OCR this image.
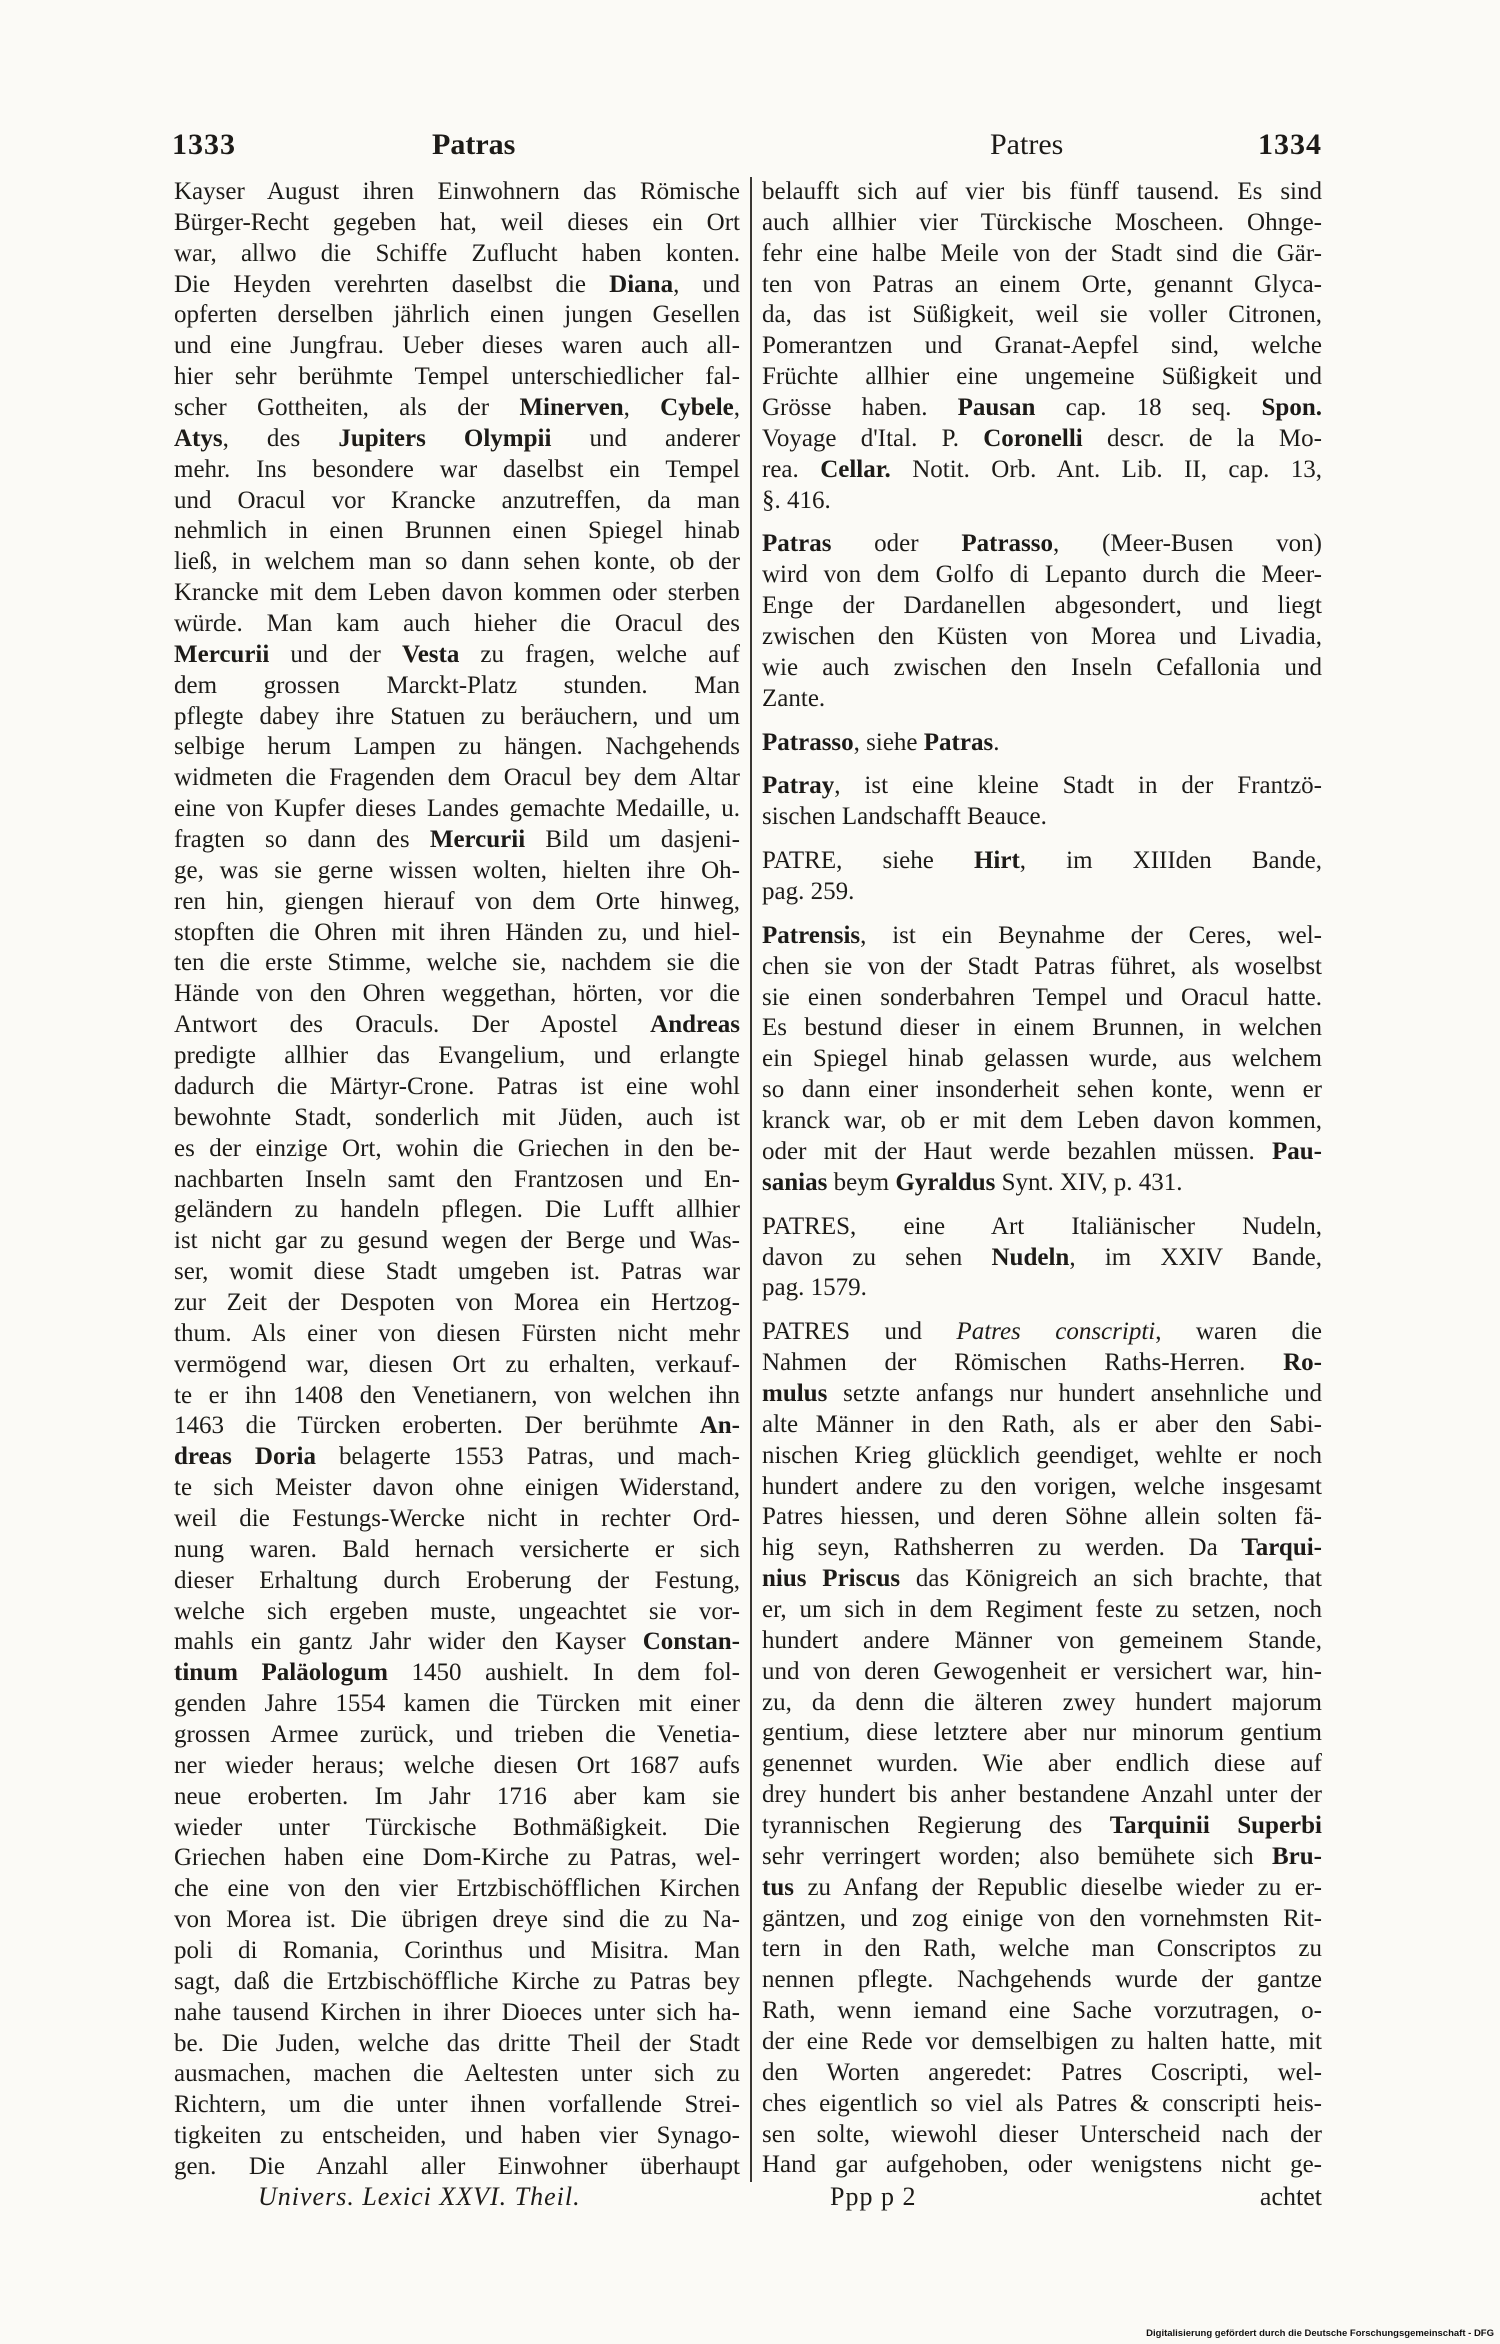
1333	Patras	Patres	1334
Kayser August ihren Einwohnern das Römische
Bürger-Recht gegeben hat, weil dieses ein Ort
war, allwo die Schiffe Zuflucht haben konten.
Die Heyden verehrten daselbst die Diana, und
opferten derselben jährlich einen jungen Gesellen
und eine Jungfrau. Ueber dieses waren auch all-
hier sehr berühmte Tempel unterschiedlicher fal-
scher Gottheiten, als der Minerven, Cybele,
Atys, des Jupiters Olympii und anderer
mehr. Ins besondere war daselbst ein Tempel
und Oracul vor Krancke anzutreffen, da man
nehmlich in einen Brunnen einen Spiegel hinab
ließ, in welchem man so dann sehen konte, ob der
Krancke mit dem Leben davon kommen oder sterben
würde. Man kam auch hieher die Oracul des
Mercurii und der Vesta zu fragen, welche auf
dem grossen Marckt-Platz stunden. Man
pflegte dabey ihre Statuen zu beräuchern, und um
selbige herum Lampen zu hängen. Nachgehends
widmeten die Fragenden dem Oracul bey dem Altar
eine von Kupfer dieses Landes gemachte Medaille, u.
fragten so dann des Mercurii Bild um dasjeni-
ge, was sie gerne wissen wolten, hielten ihre Oh-
ren hin, giengen hierauf von dem Orte hinweg,
stopften die Ohren mit ihren Händen zu, und hiel-
ten die erste Stimme, welche sie, nachdem sie die
Hände von den Ohren weggethan, hörten, vor die
Antwort des Oraculs. Der Apostel Andreas
predigte allhier das Evangelium, und erlangte
dadurch die Märtyr-Crone. Patras ist eine wohl
bewohnte Stadt, sonderlich mit Jüden, auch ist
es der einzige Ort, wohin die Griechen in den be-
nachbarten Inseln samt den Frantzosen und En-
geländern zu handeln pflegen. Die Lufft allhier
ist nicht gar zu gesund wegen der Berge und Was-
ser, womit diese Stadt umgeben ist. Patras war
zur Zeit der Despoten von Morea ein Hertzog-
thum. Als einer von diesen Fürsten nicht mehr
vermögend war, diesen Ort zu erhalten, verkauf-
te er ihn 1408 den Venetianern, von welchen ihn
1463 die Türcken eroberten. Der berühmte An-
dreas Doria belagerte 1553 Patras, und mach-
te sich Meister davon ohne einigen Widerstand,
weil die Festungs-Wercke nicht in rechter Ord-
nung waren. Bald hernach versicherte er sich
dieser Erhaltung durch Eroberung der Festung,
welche sich ergeben muste, ungeachtet sie vor-
mahls ein gantz Jahr wider den Kayser Constan-
tinum Paläologum 1450 aushielt. In dem fol-
genden Jahre 1554 kamen die Türcken mit einer
grossen Armee zurück, und trieben die Venetia-
ner wieder heraus; welche diesen Ort 1687 aufs
neue eroberten. Im Jahr 1716 aber kam sie
wieder unter Türckische Bothmäßigkeit. Die
Griechen haben eine Dom-Kirche zu Patras, wel-
che eine von den vier Ertzbischöfflichen Kirchen
von Morea ist. Die übrigen dreye sind die zu Na-
poli di Romania, Corinthus und Misitra. Man
sagt, daß die Ertzbischöffliche Kirche zu Patras bey
nahe tausend Kirchen in ihrer Dioeces unter sich ha-
be. Die Juden, welche das dritte Theil der Stadt
ausmachen, machen die Aeltesten unter sich zu
Richtern, um die unter ihnen vorfallende Strei-
tigkeiten zu entscheiden, und haben vier Synago-
gen. Die Anzahl aller Einwohner überhaupt
belaufft sich auf vier bis fünff tausend. Es sind
auch allhier vier Türckische Moscheen. Ohnge-
fehr eine halbe Meile von der Stadt sind die Gär-
ten von Patras an einem Orte, genannt Glyca-
da, das ist Süßigkeit, weil sie voller Citronen,
Pomerantzen und Granat-Aepfel sind, welche
Früchte allhier eine ungemeine Süßigkeit und
Grösse haben. Pausan cap. 18 seq. Spon.
Voyage d'Ital. P. Coronelli descr. de la Mo-
rea. Cellar. Notit. Orb. Ant. Lib. II, cap. 13,
§. 416.
Patras oder Patrasso, (Meer-Busen von)
wird von dem Golfo di Lepanto durch die Meer-
Enge der Dardanellen abgesondert, und liegt
zwischen den Küsten von Morea und Livadia,
wie auch zwischen den Inseln Cefallonia und
Zante.
Patrasso, siehe Patras.
Patray, ist eine kleine Stadt in der Frantzö-
sischen Landschafft Beauce.
PATRE, siehe Hirt, im XIIIden Bande,
pag. 259.
Patrensis, ist ein Beynahme der Ceres, wel-
chen sie von der Stadt Patras führet, als woselbst
sie einen sonderbahren Tempel und Oracul hatte.
Es bestund dieser in einem Brunnen, in welchen
ein Spiegel hinab gelassen wurde, aus welchem
so dann einer insonderheit sehen konte, wenn er
kranck war, ob er mit dem Leben davon kommen,
oder mit der Haut werde bezahlen müssen. Pau-
sanias beym Gyraldus Synt. XIV, p. 431.
PATRES, eine Art Italiänischer Nudeln,
davon zu sehen Nudeln, im XXIV Bande,
pag. 1579.
PATRES und Patres conscripti, waren die
Nahmen der Römischen Raths-Herren. Ro-
mulus setzte anfangs nur hundert ansehnliche und
alte Männer in den Rath, als er aber den Sabi-
nischen Krieg glücklich geendiget, wehlte er noch
hundert andere zu den vorigen, welche insgesamt
Patres hiessen, und deren Söhne allein solten fä-
hig seyn, Rathsherren zu werden. Da Tarqui-
nius Priscus das Königreich an sich brachte, that
er, um sich in dem Regiment feste zu setzen, noch
hundert andere Männer von gemeinem Stande,
und von deren Gewogenheit er versichert war, hin-
zu, da denn die älteren zwey hundert majorum
gentium, diese letztere aber nur minorum gentium
genennet wurden. Wie aber endlich diese auf
drey hundert bis anher bestandene Anzahl unter der
tyrannischen Regierung des Tarquinii Superbi
sehr verringert worden; also bemühete sich Bru-
tus zu Anfang der Republic dieselbe wieder zu er-
gäntzen, und zog einige von den vornehmsten Rit-
tern in den Rath, welche man Conscriptos zu
nennen pflegte. Nachgehends wurde der gantze
Rath, wenn iemand eine Sache vorzutragen, o-
der eine Rede vor demselbigen zu halten hatte, mit
den Worten angeredet: Patres Coscripti, wel-
ches eigentlich so viel als Patres & conscripti heis-
sen solte, wiewohl dieser Unterscheid nach der
Hand gar aufgehoben, oder wenigstens nicht ge-
Univers. Lexici XXVI. Theil.	Ppp p 2	achtet
Digitalisierung gefördert durch die Deutsche Forschungsgemeinschaft - DFG
